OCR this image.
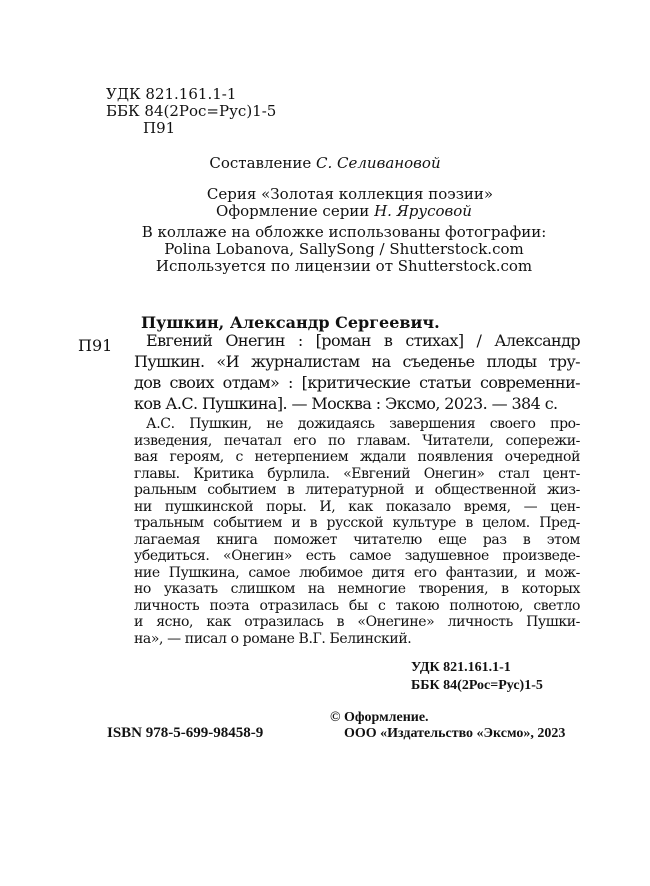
УДК 821.161.1-1
ББК 84(2Рос=Рус)1-5
П91
Составление С. Селивановой
Серия «Золотая коллекция поэзии»
Оформление серии Н. Ярусовой
В коллаже на обложке использованы фотографии:
Polina Lobanova, SallySong / Shutterstock.com
Используется по лицензии от Shutterstock.com
Пушкин, Александр Сергеевич.
П91	Евгений Онегин : [роман в стихах] / Александр
Пушкин. «И журналистам на съеденье плоды тру-
дов своих отдам» : [критические статьи современни-
ков А.С. Пушкина]. — Москва : Эксмо, 2023. — 384 с.
А.С. Пушкин, не дожидаясь завершения своего про-
изведения, печатал его по главам. Читатели, сопережи-
вая героям, с нетерпением ждали появления очередной
главы. Критика бурлила. «Евгений Онегин» стал цент-
ральным событием в литературной и общественной жиз-
ни пушкинской поры. И, как показало время, — цен-
тральным событием и в русской культуре в целом. Пред-
лагаемая книга поможет читателю еще раз в этом
убедиться. «Онегин» есть самое задушевное произведе-
ние Пушкина, самое любимое дитя его фантазии, и мож-
но указать слишком на немногие творения, в которых
личность поэта отразилась бы с такою полнотою, светло
и ясно, как отразилась в «Онегине» личность Пушки-
на», — писал о романе В.Г. Белинский.
УДК 821.161.1-1
ББК 84(2Рос=Рус)1-5
© Оформление.
ISBN 978-5-699-98458-9	ООО «Издательство «Эксмо», 2023
